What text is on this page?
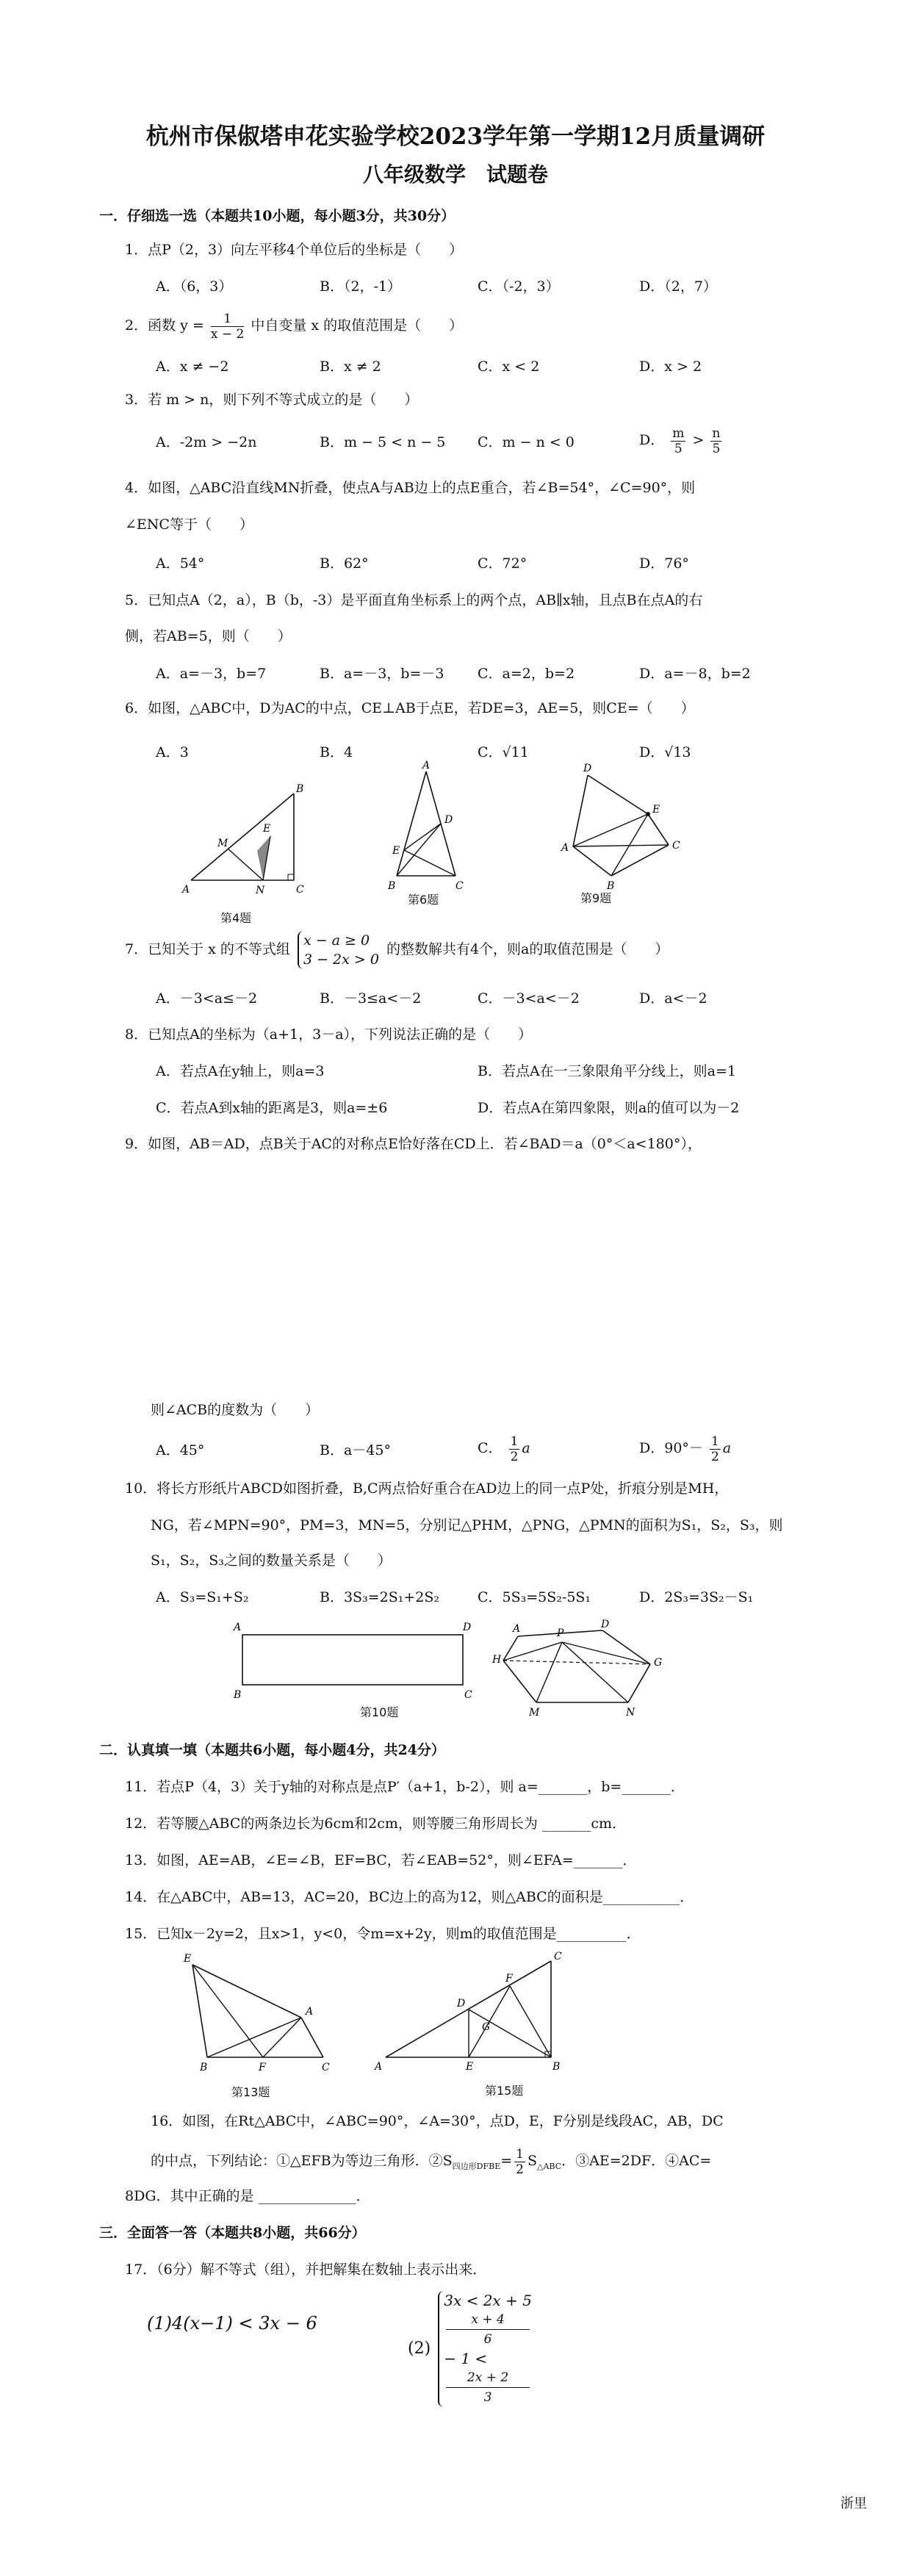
杭州市保俶塔申花实验学校2023学年第一学期12月质量调研
八年级数学　试题卷
一．仔细选一选（本题共10小题，每小题3分，共30分）
1．点P（2，3）向左平移4个单位后的坐标是（　　）
A．（6，3）	B．（2，-1）	C．（-2，3）	D．（2，7）
2．函数 $y = \frac{1}{x - 2}$ 中自变量 x 的取值范围是（　　）
A．x ≠ −2	B．x ≠ 2	C．x < 2	D．x > 2
3．若 m > n，则下列不等式成立的是（　　）
A．-2m > −2n	B．m − 5 < n − 5 C．m − n < 0	D． $\frac{m}{5} > \frac{n}{5}$
4．如图，△ABC沿直线MN折叠，使点A与AB边上的点E重合，若∠B=54°，∠C=90°，则
∠ENC等于（　　）
A．54°	B．62°	C．72°	D．76°
5．已知点A（2，a），B（b，-3）是平面直角坐标系上的两个点，AB∥x轴，且点B在点A的右
侧，若AB=5，则（　　）
A．a=－3，b=7	B．a=－3，b=－3 C．a=2，b=2	D．a=－8，b=2
6．如图，△ABC中，D为AC的中点，CE⊥AB于点E，若DE=3，AE=5，则CE=（　　）
A．3	B．4	C．√11	D．√13
A	C
B
M
E
N
第4题
A
D
E
B	C
第6题
D
E
A	C
B
第9题
7．已知关于 x 的不等式组
x − a ≥ 0
3 − 2x > 0
的整数解共有4个，则a的取值范围是（　　）
A．－3<a≤－2	B．－3≤a<－2	C．－3<a<－2	D．a<－2
8．已知点A的坐标为（a+1，3－a），下列说法正确的是（　　）
A．若点A在y轴上，则a=3	B．若点A在一三象限角平分线上，则a=1
C．若点A到x轴的距离是3，则a=±6	D．若点A在第四象限，则a的值可以为－2
9．如图，AB＝AD，点B关于AC的对称点E恰好落在CD上．若∠BAD＝a（0°＜a<180°），
则∠ACB的度数为（　　）
A．45°	B．a－45°	C． $\frac{1}{2}$ a	D．$90^\circ- \frac{1}{2}$ a
10．将长方形纸片ABCD如图折叠，B,C两点恰好重合在AD边上的同一点P处，折痕分别是MH，
NG，若∠MPN=90°，PM=3，MN=5，分别记△PHM，△PNG，△PMN的面积为S₁，S₂，S₃，则
S₁，S₂，S₃之间的数量关系是（　　）
A．S₃=S₁+S₂	B．3S₃=2S₁+2S₂	C．5S₃=5S₂-5S₁	D．2S₃=3S₂－S₁
A	D
B	C
A	D
P
H	G
M	N
第10题
二．认真填一填（本题共6小题，每小题4分，共24分）
11．若点P（4，3）关于y轴的对称点是点P′（a+1，b-2），则 a=_______，b=_______．
12．若等腰△ABC的两条边长为6cm和2cm，则等腰三角形周长为 _______cm．
13．如图，AE=AB，∠E=∠B，EF=BC，若∠EAB=52°，则∠EFA=_______．
14．在△ABC中，AB=13，AC=20，BC边上的高为12，则△ABC的面积是___________．
15．已知x－2y=2，且x>1，y<0，令m=x+2y，则m的取值范围是__________．
E
A
B	F	C
第13题
A	E	B
C
F
D
G
第15题
16．如图，在Rt△ABC中，∠ABC=90°，∠A=30°，点D，E，F分别是线段AC，AB，DC
的中点，下列结论：①△EFB为等边三角形．$②S_{四边形DFBE}= \frac{1}{2} S_{\triangle ABC}$．③AE=2DF．④AC=
8DG．其中正确的是 ______________．
三．全面答一答（本题共8小题，共66分）
17．（6分）解不等式（组），并把解集在数轴上表示出来．
(1)4(x−1) < 3x − 6
(2)
3x < 2x + 5
x + 4
6
− 1 <
2x + 2
3
浙里
